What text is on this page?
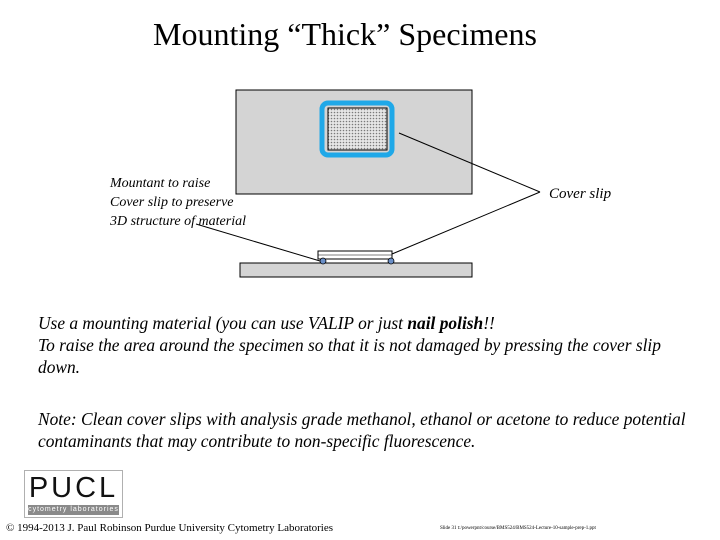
Mounting “Thick” Specimens
Mountant to raise
Cover slip to preserve
3D structure of material
Cover slip
Use a mounting material (you can use VALIP or just nail polish!!
To raise the area around the specimen so that it is not damaged by pressing the cover slip down.
Note: Clean cover slips with analysis grade methanol, ethanol or acetone to reduce potential contaminants that may contribute to non-specific fluorescence.
PUCL
cytometry laboratories
© 1994-2013 J. Paul Robinson Purdue University Cytometry Laboratories	Slide 31 t:/powerpnt/course/BMS524/BMS524-Lecture-10-sample-prep-1.ppt
